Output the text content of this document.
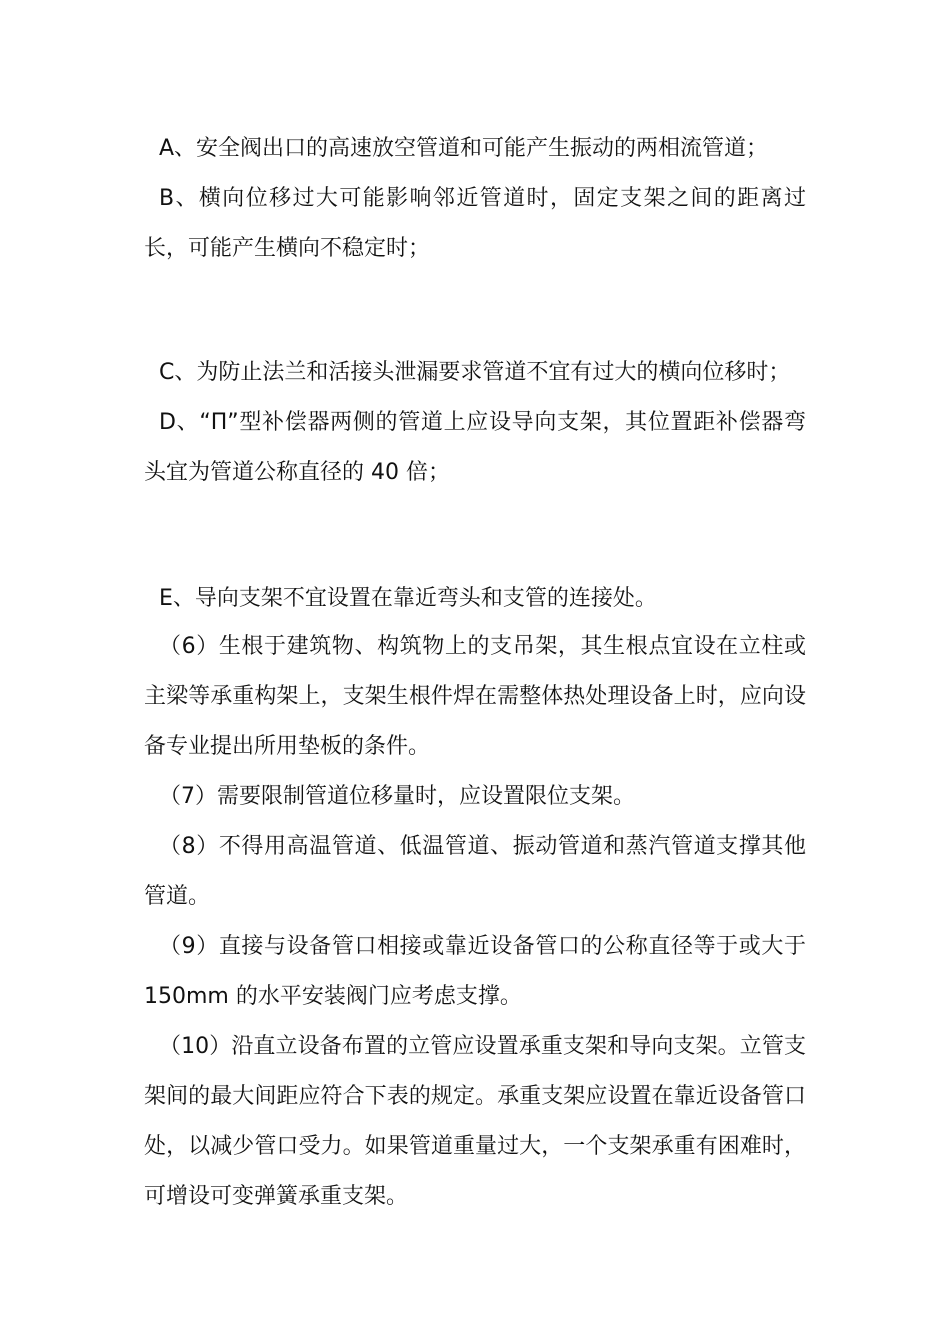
A、安全阀出口的高速放空管道和可能产生振动的两相流管道；

B、横向位移过大可能影响邻近管道时，固定支架之间的距离过长，可能产生横向不稳定时；

C、为防止法兰和活接头泄漏要求管道不宜有过大的横向位移时；

D、“П”型补偿器两侧的管道上应设导向支架，其位置距补偿器弯头宜为管道公称直径的 40 倍；

E、导向支架不宜设置在靠近弯头和支管的连接处。

（6）生根于建筑物、构筑物上的支吊架，其生根点宜设在立柱或主梁等承重构架上，支架生根件焊在需整体热处理设备上时，应向设备专业提出所用垫板的条件。

（7）需要限制管道位移量时，应设置限位支架。

（8）不得用高温管道、低温管道、振动管道和蒸汽管道支撑其他管道。

（9）直接与设备管口相接或靠近设备管口的公称直径等于或大于 150mm 的水平安装阀门应考虑支撑。

（10）沿直立设备布置的立管应设置承重支架和导向支架。立管支架间的最大间距应符合下表的规定。承重支架应设置在靠近设备管口处，以减少管口受力。如果管道重量过大，一个支架承重有困难时，可增设可变弹簧承重支架。
